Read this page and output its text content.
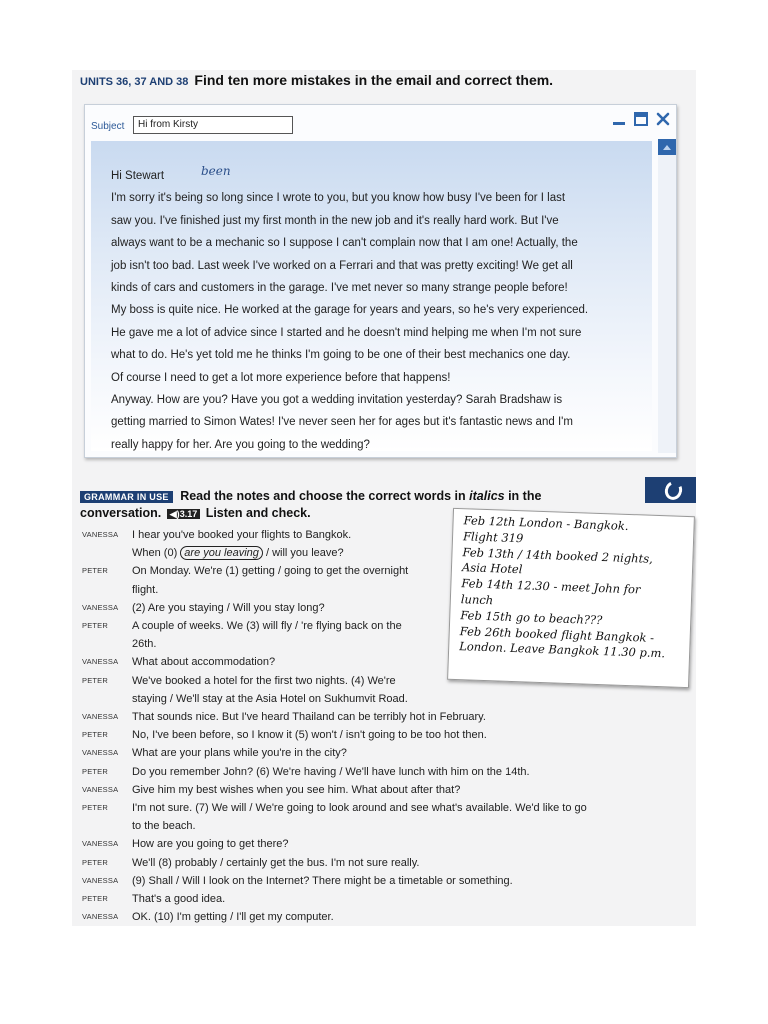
UNITS 36, 37 AND 38 Find ten more mistakes in the email and correct them.
Subject	Hi from Kirsty
been

Hi Stewart

I'm sorry it's being so long since I wrote to you, but you know how busy I've been for I last

saw you. I've finished just my first month in the new job and it's really hard work. But I've

always want to be a mechanic so I suppose I can't complain now that I am one! Actually, the

job isn't too bad. Last week I've worked on a Ferrari and that was pretty exciting! We get all

kinds of cars and customers in the garage. I've met never so many strange people before!

My boss is quite nice. He worked at the garage for years and years, so he's very experienced.

He gave me a lot of advice since I started and he doesn't mind helping me when I'm not sure

what to do. He's yet told me he thinks I'm going to be one of their best mechanics one day.

Of course I need to get a lot more experience before that happens!

Anyway. How are you? Have you got a wedding invitation yesterday? Sarah Bradshaw is

getting married to Simon Wates! I've never seen her for ages but it's fantastic news and I'm

really happy for her. Are you going to the wedding?

GRAMMAR IN USE Read the notes and choose the correct words in italics in the
conversation. ◀)3.17 Listen and check.
VANESSA I hear you've booked your flights to Bangkok.
When (0) are you leaving / will you leave?
PETER On Monday. We're (1) getting / going to get the overnight
flight.
VANESSA (2) Are you staying / Will you stay long?
PETER A couple of weeks. We (3) will fly / 're flying back on the
26th.
VANESSA What about accommodation?
PETER We've booked a hotel for the first two nights. (4) We're
staying / We'll stay at the Asia Hotel on Sukhumvit Road.
VANESSA That sounds nice. But I've heard Thailand can be terribly hot in February.
PETER No, I've been before, so I know it (5) won't / isn't going to be too hot then.
VANESSA What are your plans while you're in the city?
PETER Do you remember John? (6) We're having / We'll have lunch with him on the 14th.
VANESSA Give him my best wishes when you see him. What about after that?
PETER I'm not sure. (7) We will / We're going to look around and see what's available. We'd like to go
to the beach.
VANESSA How are you going to get there?
PETER We'll (8) probably / certainly get the bus. I'm not sure really.
VANESSA (9) Shall / Will I look on the Internet? There might be a timetable or something.
PETER That's a good idea.
VANESSA OK. (10) I'm getting / I'll get my computer.
Feb 12th London - Bangkok.
Flight 319
Feb 13th / 14th booked 2 nights,
Asia Hotel
Feb 14th 12.30 - meet John for
lunch
Feb 15th go to beach???
Feb 26th booked flight Bangkok -
London. Leave Bangkok 11.30 p.m.
